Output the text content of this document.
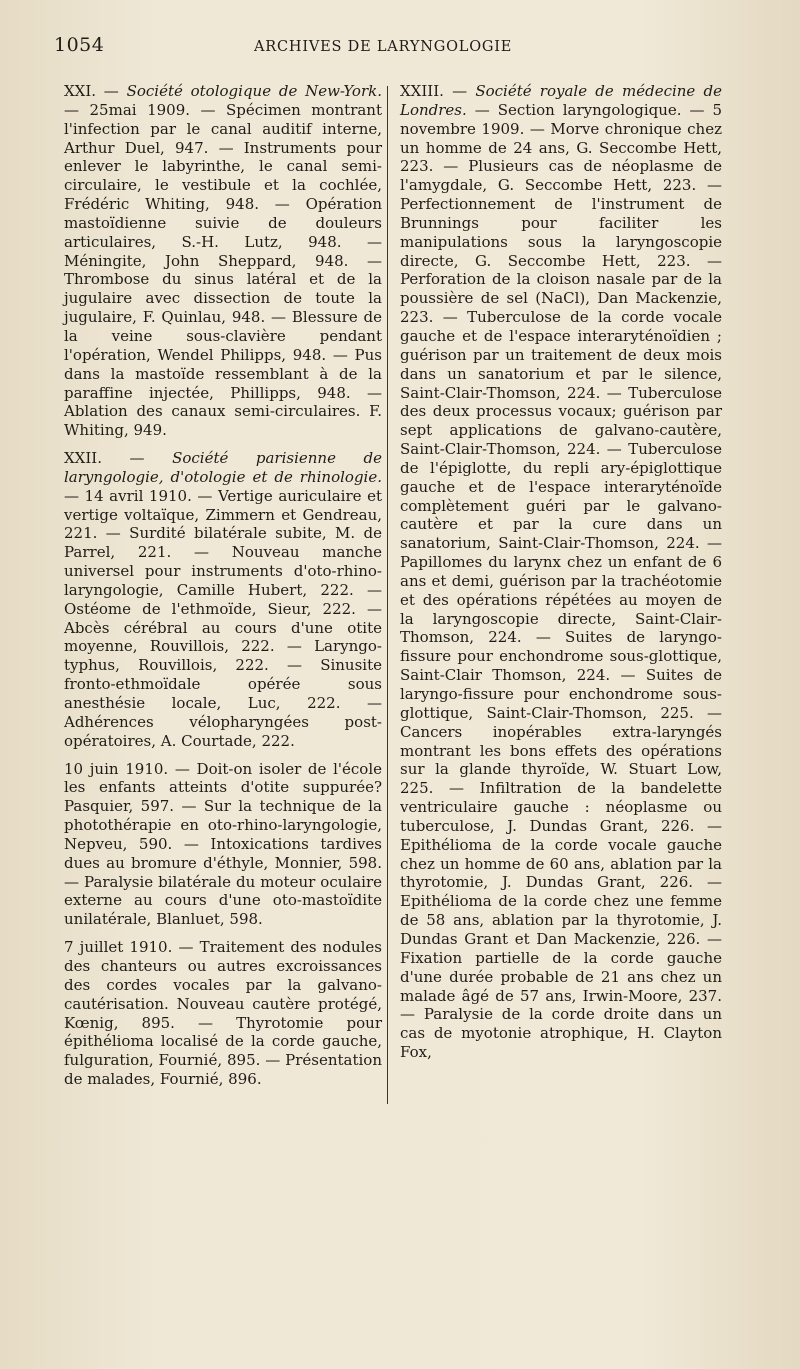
1054	ARCHIVES DE LARYNGOLOGIE

XXI. — Société otologique de New-York. — 25mai 1909. — Spécimen montrant l'infection par le canal auditif interne, Arthur Duel, 947. — Instruments pour enlever le labyrinthe, le canal semi-circulaire, le vestibule et la cochlée, Frédéric Whiting, 948. — Opération mastoïdienne suivie de douleurs articulaires, S.-H. Lutz, 948. — Méningite, John Sheppard, 948. — Thrombose du sinus latéral et de la jugulaire avec dissection de toute la jugulaire, F. Quinlau, 948. — Blessure de la veine sous-clavière pendant l'opération, Wendel Philipps, 948. — Pus dans la mastoïde ressemblant à de la paraffine injectée, Phillipps, 948. — Ablation des canaux semi-circulaires. F. Whiting, 949.

XXII. — Société parisienne de laryngologie, d'otologie et de rhinologie. — 14 avril 1910. — Vertige auriculaire et vertige voltaïque, Zimmern et Gendreau, 221. — Surdité bilatérale subite, M. de Parrel, 221. — Nouveau manche universel pour instruments d'oto-rhino-laryngologie, Camille Hubert, 222. — Ostéome de l'ethmoïde, Sieur, 222. — Abcès cérébral au cours d'une otite moyenne, Rouvillois, 222. — Laryngo-typhus, Rouvillois, 222. — Sinusite fronto-ethmoïdale opérée sous anesthésie locale, Luc, 222. — Adhérences vélopharyngées post-opératoires, A. Courtade, 222.

10 juin 1910. — Doit-on isoler de l'école les enfants atteints d'otite suppurée? Pasquier, 597. — Sur la technique de la photothérapie en oto-rhino-laryngologie, Nepveu, 590. — Intoxications tardives dues au bromure d'éthyle, Monnier, 598. — Paralysie bilatérale du moteur oculaire externe au cours d'une oto-mastoïdite unilatérale, Blanluet, 598.

7 juillet 1910. — Traitement des nodules des chanteurs ou autres excroissances des cordes vocales par la galvano-cautérisation. Nouveau cautère protégé, Kœnig, 895. — Thyrotomie pour épithélioma localisé de la corde gauche, fulguration, Fournié, 895. — Présentation de malades, Fournié, 896.

XXIII. — Société royale de médecine de Londres. — Section laryngologique. — 5 novembre 1909. — Morve chronique chez un homme de 24 ans, G. Seccombe Hett, 223. — Plusieurs cas de néoplasme de l'amygdale, G. Seccombe Hett, 223. — Perfectionnement de l'instrument de Brunnings pour faciliter les manipulations sous la laryngoscopie directe, G. Seccombe Hett, 223. — Perforation de la cloison nasale par de la poussière de sel (NaCl), Dan Mackenzie, 223. — Tuberculose de la corde vocale gauche et de l'espace interaryténoïdien ; guérison par un traitement de deux mois dans un sanatorium et par le silence, Saint-Clair-Thomson, 224. — Tuberculose des deux processus vocaux; guérison par sept applications de galvano-cautère, Saint-Clair-Thomson, 224. — Tuberculose de l'épiglotte, du repli ary-épiglottique gauche et de l'espace interaryténoïde complètement guéri par le galvano-cautère et par la cure dans un sanatorium, Saint-Clair-Thomson, 224. — Papillomes du larynx chez un enfant de 6 ans et demi, guérison par la trachéotomie et des opérations répétées au moyen de la laryngoscopie directe, Saint-Clair-Thomson, 224. — Suites de laryngo-fissure pour enchondrome sous-glottique, Saint-Clair Thomson, 224. — Suites de laryngo-fissure pour enchondrome sous-glottique, Saint-Clair-Thomson, 225. — Cancers inopérables extra-laryngés montrant les bons effets des opérations sur la glande thyroïde, W. Stuart Low, 225. — Infiltration de la bandelette ventriculaire gauche : néoplasme ou tuberculose, J. Dundas Grant, 226. — Epithélioma de la corde vocale gauche chez un homme de 60 ans, ablation par la thyrotomie, J. Dundas Grant, 226. — Epithélioma de la corde chez une femme de 58 ans, ablation par la thyrotomie, J. Dundas Grant et Dan Mackenzie, 226. — Fixation partielle de la corde gauche d'une durée probable de 21 ans chez un malade âgé de 57 ans, Irwin-Moore, 237. — Paralysie de la corde droite dans un cas de myotonie atrophique, H. Clayton Fox,
